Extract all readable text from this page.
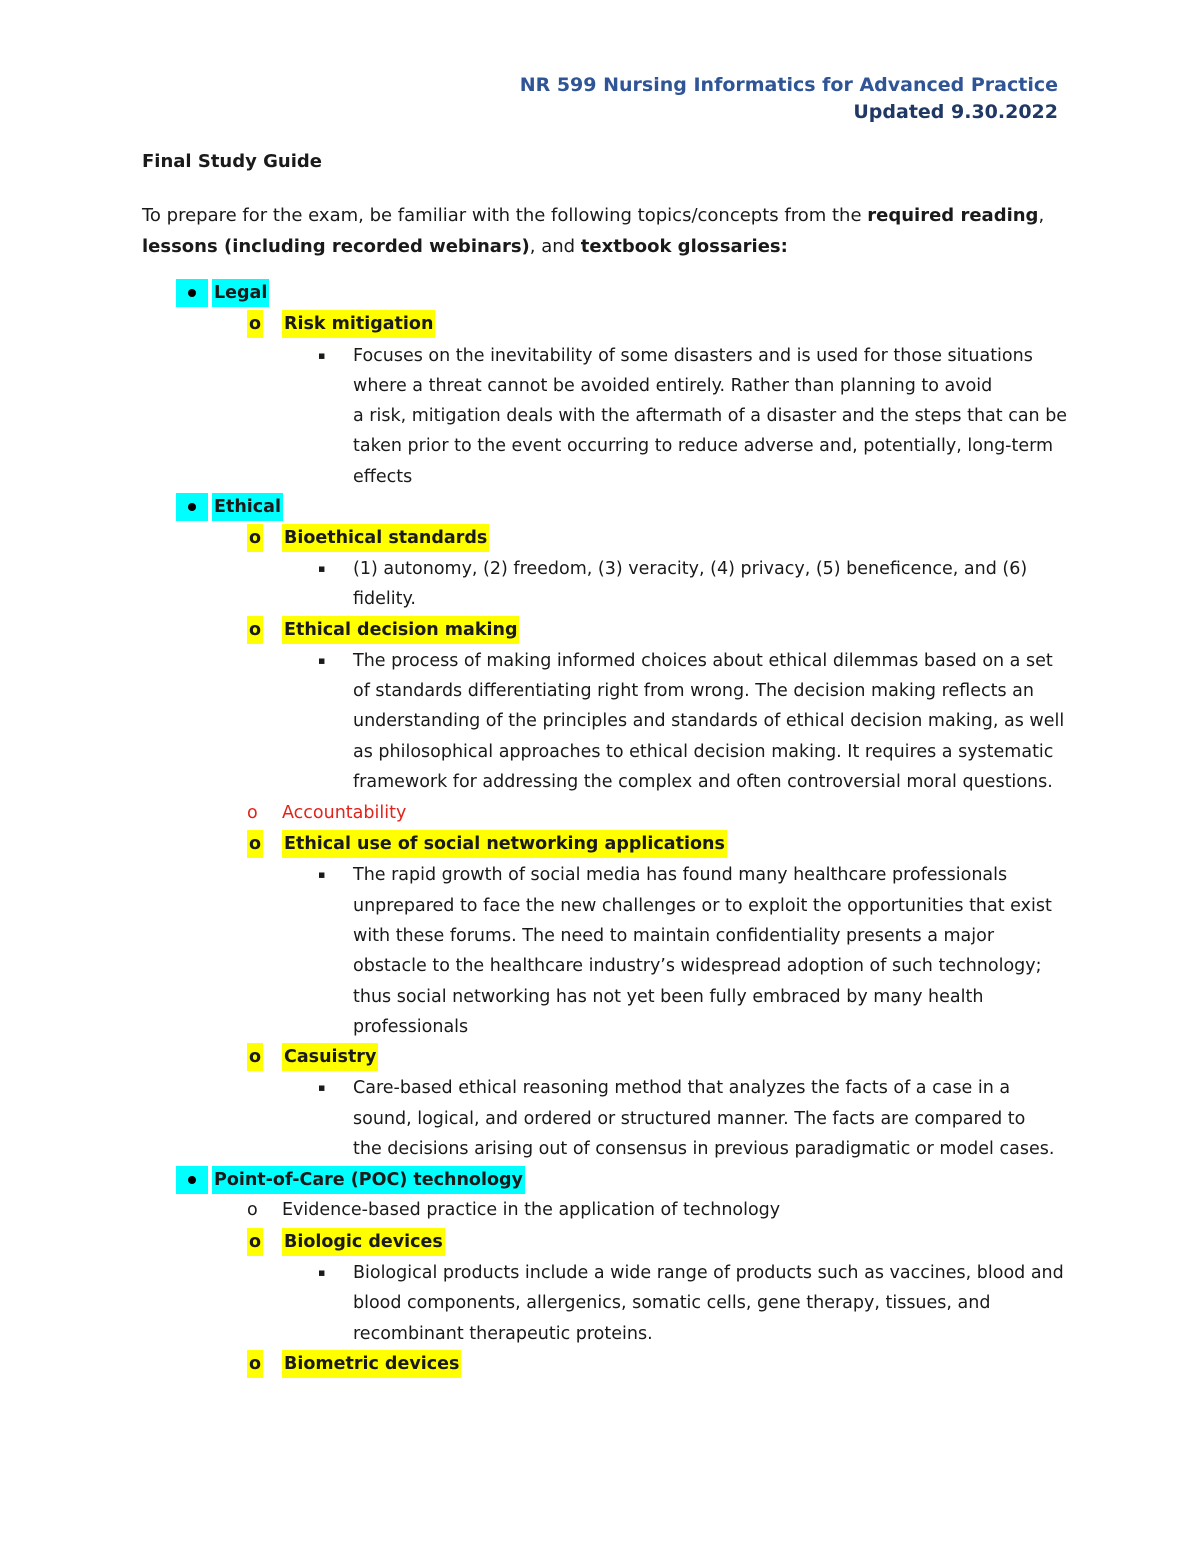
NR 599 Nursing Informatics for Advanced Practice
Updated 9.30.2022
Final Study Guide
To prepare for the exam, be familiar with the following topics/concepts from the required reading, lessons (including recorded webinars), and textbook glossaries:
Legal
o	Risk mitigation
▪ Focuses on the inevitability of some disasters and is used for those situations
where a threat cannot be avoided entirely. Rather than planning to avoid
a risk, mitigation deals with the aftermath of a disaster and the steps that can be
taken prior to the event occurring to reduce adverse and, potentially, long-term
effects
Ethical
o	Bioethical standards
▪ (1) autonomy, (2) freedom, (3) veracity, (4) privacy, (5) beneficence, and (6)
fidelity.
o	Ethical decision making
▪ The process of making informed choices about ethical dilemmas based on a set
of standards differentiating right from wrong. The decision making reflects an
understanding of the principles and standards of ethical decision making, as well
as philosophical approaches to ethical decision making. It requires a systematic
framework for addressing the complex and often controversial moral questions.
o	Accountability
o	Ethical use of social networking applications
▪ The rapid growth of social media has found many healthcare professionals
unprepared to face the new challenges or to exploit the opportunities that exist
with these forums. The need to maintain confidentiality presents a major
obstacle to the healthcare industry’s widespread adoption of such technology;
thus social networking has not yet been fully embraced by many health
professionals
o	Casuistry
▪ Care-based ethical reasoning method that analyzes the facts of a case in a
sound, logical, and ordered or structured manner. The facts are compared to
the decisions arising out of consensus in previous paradigmatic or model cases.
Point-of-Care (POC) technology
o	Evidence-based practice in the application of technology
o	Biologic devices
▪ Biological products include a wide range of products such as vaccines, blood and
blood components, allergenics, somatic cells, gene therapy, tissues, and
recombinant therapeutic proteins.
o	Biometric devices
